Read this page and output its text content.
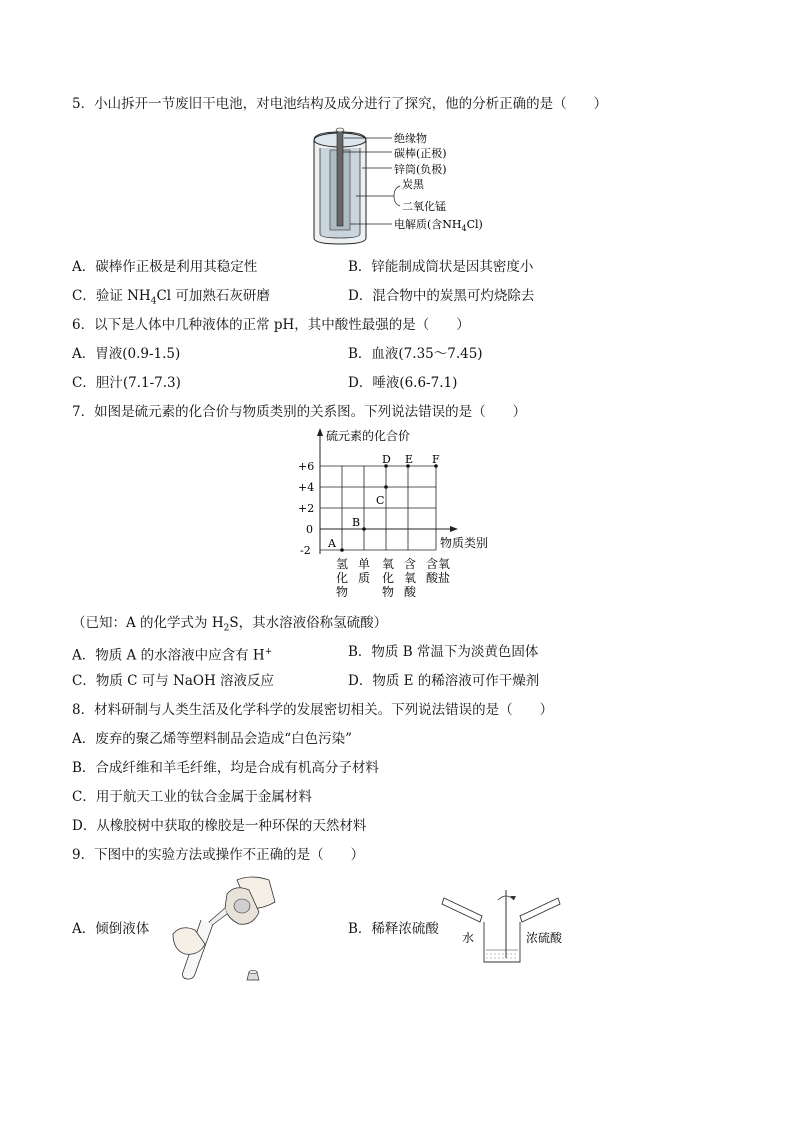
5．小山拆开一节废旧干电池，对电池结构及成分进行了探究，他的分析正确的是（　　）
绝缘物
碳棒(正极)
锌筒(负极)
炭黑
二氧化锰
电解质(含$NH_4Cl$)
A．碳棒作正极是利用其稳定性	B．锌能制成筒状是因其密度小
C．验证 $NH_4Cl$ 可加熟石灰研磨	D．混合物中的炭黑可灼烧除去
6．以下是人体中几种液体的正常 pH，其中酸性最强的是（　　）
A．胃液(0.9-1.5)	B．血液(7.35～7.45)
C．胆汁(7.1-7.3)	D．唾液(6.6-7.1)
7．如图是硫元素的化合价与物质类别的关系图。下列说法错误的是（　　）
硫元素的化合价
物质类别
+6
+4
+2
0
-2
A
B
C
D E F
氢
化
物
单
质
氧
化
物
含
氧
酸
含氧
酸盐
（已知：A 的化学式为 $H_2S$，其水溶液俗称氢硫酸）
A．物质 A 的水溶液中应含有 H+	B．物质 B 常温下为淡黄色固体
C．物质 C 可与 NaOH 溶液反应	D．物质 E 的稀溶液可作干燥剂
8．材料研制与人类生活及化学科学的发展密切相关。下列说法错误的是（　　）
A．废弃的聚乙烯等塑料制品会造成“白色污染”
B．合成纤维和羊毛纤维，均是合成有机高分子材料
C．用于航天工业的钛合金属于金属材料
D．从橡胶树中获取的橡胶是一种环保的天然材料
9．下图中的实验方法或操作不正确的是（　　）
A．倾倒液体	B．稀释浓硫酸
水	浓硫酸
